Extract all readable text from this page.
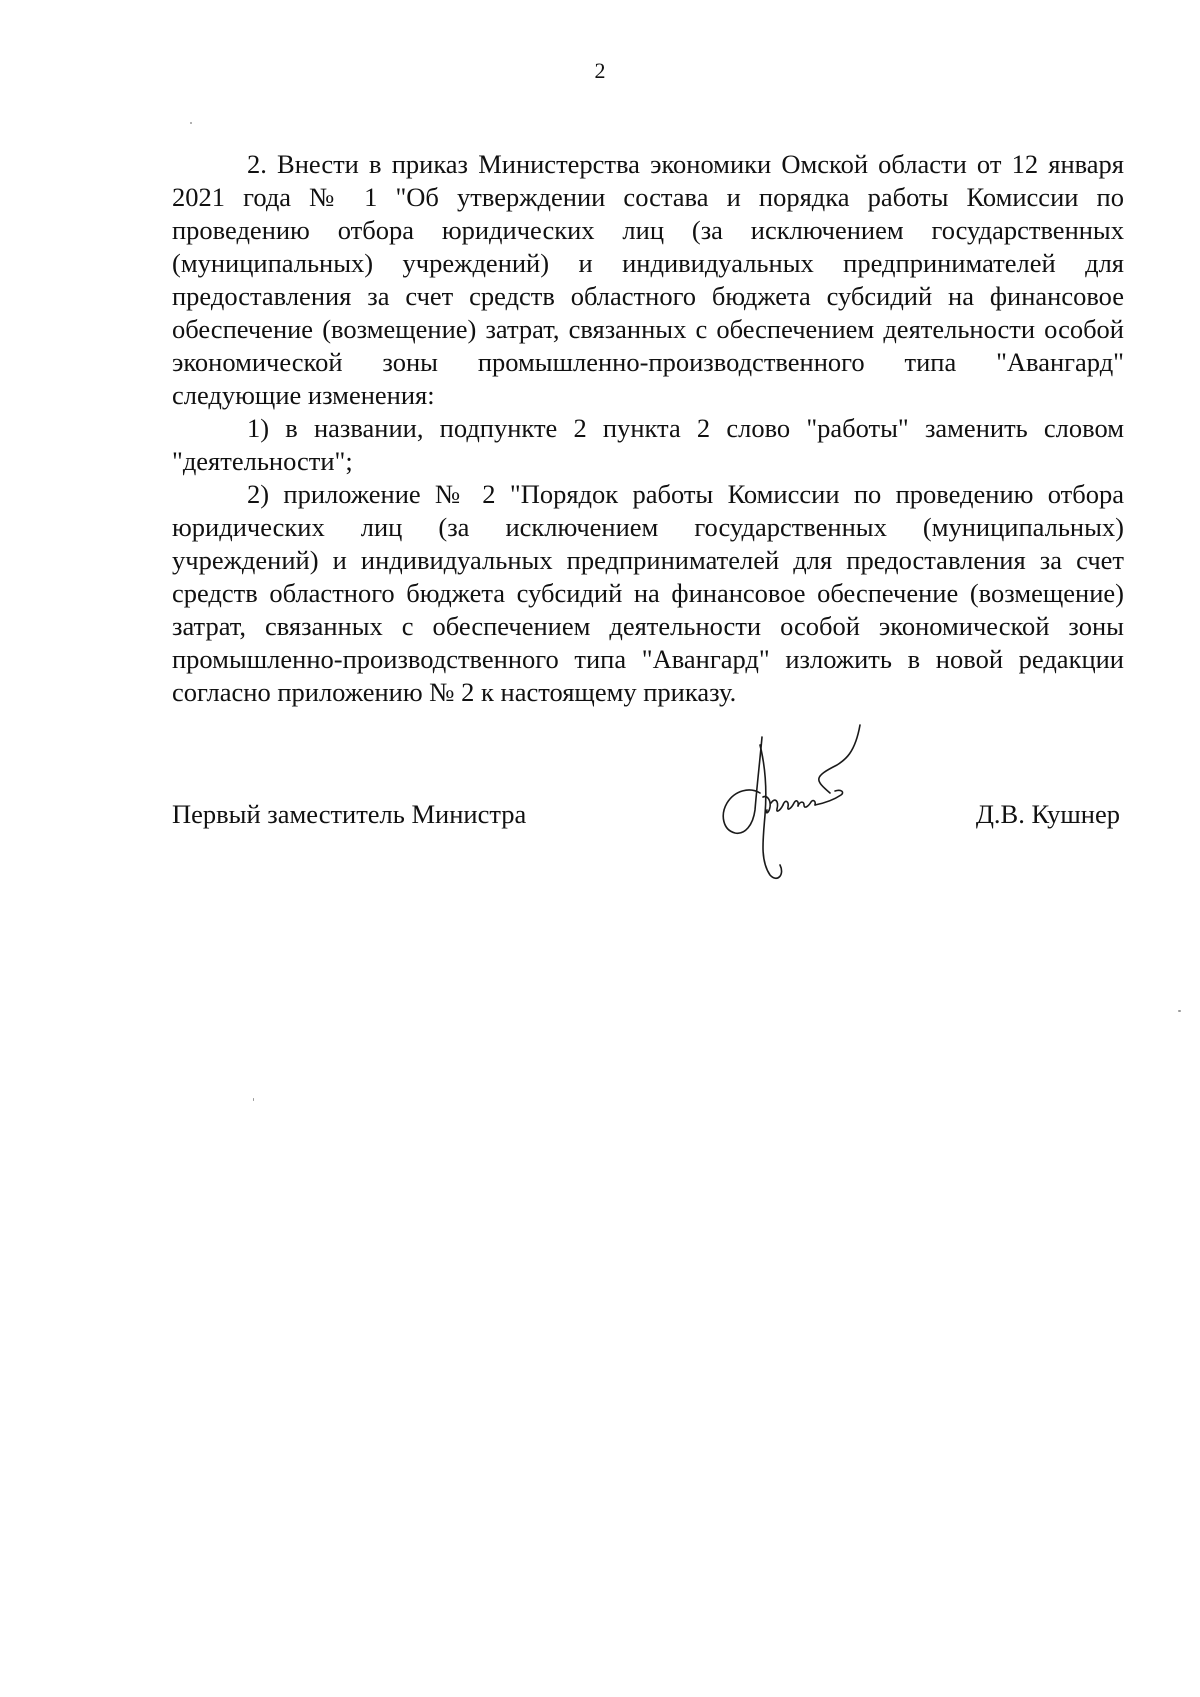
2

2. Внести в приказ Министерства экономики Омской области от 12 января 2021 года № 1 "Об утверждении состава и порядка работы Комиссии по проведению отбора юридических лиц (за исключением государственных (муниципальных) учреждений) и индивидуальных предпринимателей для предоставления за счет средств областного бюджета субсидий на финансовое обеспечение (возмещение) затрат, связанных с обеспечением деятельности особой экономической зоны промышленно-производственного типа "Авангард" следующие изменения:

1) в названии, подпункте 2 пункта 2 слово "работы" заменить словом "деятельности";

2) приложение № 2 "Порядок работы Комиссии по проведению отбора юридических лиц (за исключением государственных (муниципальных) учреждений) и индивидуальных предпринимателей для предоставления за счет средств областного бюджета субсидий на финансовое обеспечение (возмещение) затрат, связанных с обеспечением деятельности особой экономической зоны промышленно-производственного типа "Авангард" изложить в новой редакции согласно приложению № 2 к настоящему приказу.

Первый заместитель Министра	Д.В. Кушнер
